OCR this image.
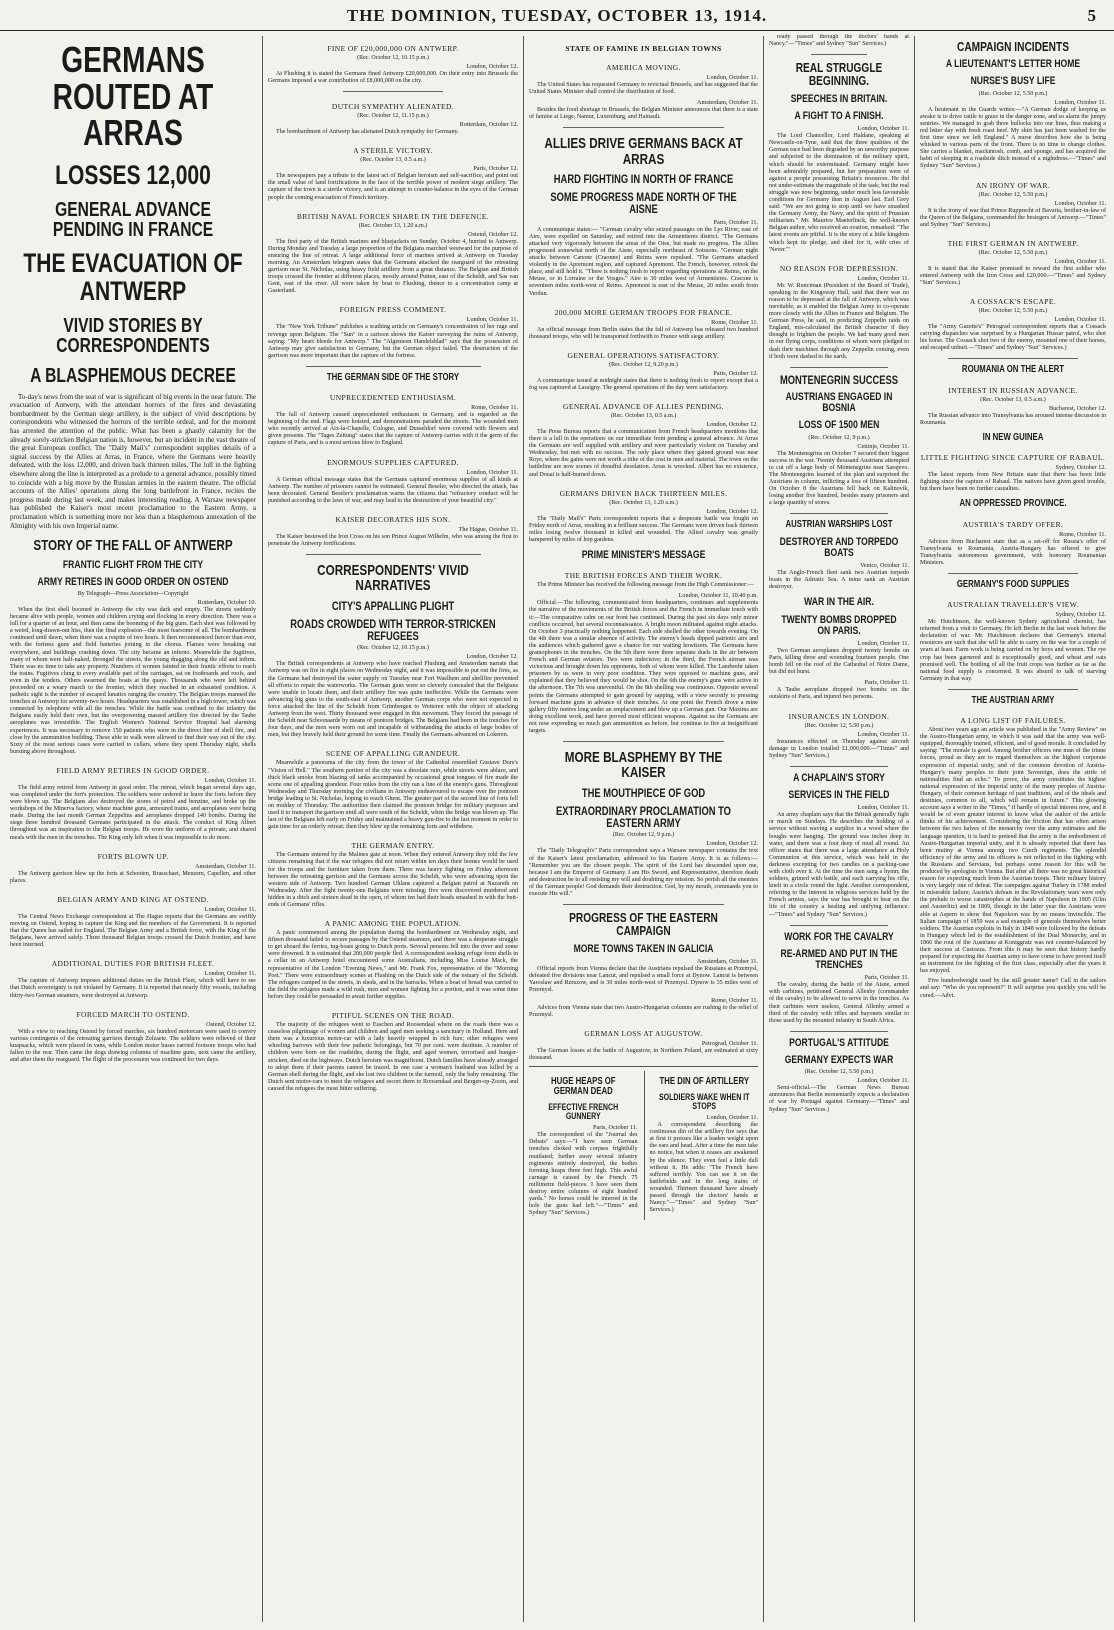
THE DOMINION, TUESDAY, OCTOBER 13, 1914.	5
GERMANS ROUTED AT ARRAS
LOSSES 12,000
GENERAL ADVANCE PENDING IN FRANCE
THE EVACUATION OF ANTWERP
VIVID STORIES BY CORRESPONDENTS
A BLASPHEMOUS DECREE

To-day's news from the seat of war is significant of big events in the near future. The evacuation of Antwerp, with the attendant horrors of the fires and devastating bombardment by the German siege artillery, is the subject of vivid descriptions by correspondents who witnessed the horrors of the terrible ordeal, and for the moment has arrested the attention of the public. What has been a ghastly calamity for the already sorely-stricken Belgian nation is, however, but an incident in the vast theatre of the great European conflict. The "Daily Mail's" correspondent supplies details of a signal success by the Allies at Arras, in France, where the Germans were heavily defeated, with the loss 12,000, and driven back thirteen miles. The lull in the fighting elsewhere along the line is interpreted as a prelude to a general advance, possibly timed to coincide with a big move by the Russian armies in the eastern theatre. The official accounts of the Allies' operations along the long battlefront in France, recites the progress made during last week, and makes interesting reading. A Warsaw newspaper has published the Kaiser's most recent proclamation to the Eastern Army, a proclamation which is something more nor less than a blasphemous annexation of the Almighty with his own Imperial name.

STORY OF THE FALL OF ANTWERP
FRANTIC FLIGHT FROM THE CITY
ARMY RETIRES IN GOOD ORDER ON OSTEND
By Telegraph—Press Association—Copyright
Rotterdam, October 10.

When the first shell boomed in Antwerp the city was dark and empty. The streets suddenly became alive with people, women and children crying and flocking in every direction. There was a lull for a quarter of an hour, and then came the booming of the big guns. Each shot was followed by a weird, long-drawn-out hiss, then the final explosion—the most fearsome of all. The bombardment continued until dawn, when there was a respite of two hours. It then recommenced fiercer than ever, with the fortress guns and field batteries joining in the chorus. Flames were breaking out everywhere, and buildings crashing down. The city became an inferno. Meanwhile the fugitives, many of whom were half-naked, thronged the streets, the young dragging along the old and infirm. There was no time to take any property. Numbers of women fainted in their frantic efforts to reach the trains. Fugitives clung to every available part of the carriages, sat on footboards and roofs, and even in the tenders. Others swarmed the boats at the quays. Thousands who were left behind proceeded on a weary march to the frontier, which they reached in an exhausted condition. A pathetic sight is the number of escaped lunatics ranging the country. The Belgian troops manned the trenches at Antwerp for seventy-two hours. Headquarters was established in a high tower, which was connected by telephone with all the trenches. While the battle was confined to the infantry the Belgians easily held their own, but the overpowering massed artillery fire directed by the Taube aeroplanes was irresistible. The English Women's National Service Hospital had alarming experiences. It was necessary to remove 150 patients who were in the direct line of shell fire, and close by the ammunition building. These able to walk were allowed to find their way out of the city. Sixty of the most serious cases were carried to cellars, where they spent Thursday night, shells bursting above throughout.

FIELD ARMY RETIRES IN GOOD ORDER.
London, October 11.

The field army retired from Antwerp in good order. The retreat, which began several days ago, was completed under the fort's protection. The soldiers were ordered to leave the forts before they were blown up. The Belgians also destroyed the stores of petrol and benzine, and broke up the workshops of the Minerva factory, where machine guns, armoured trains, and aeroplanes were being made. During the last month German Zeppelins and aeroplanes dropped 140 bombs. During the siege three hundred thousand Germans participated in the attack. The conduct of King Albert throughout was an inspiration to the Belgian troops. He wore the uniform of a private, and shared meals with the men in the trenches. The King only left when it was impossible to do more.

FORTS BLOWN UP.
Amsterdam, October 11.

The Antwerp garrison blew up the forts at Schooten, Brasschaet, Meuzem, Capellen, and other places.

BELGIAN ARMY AND KING AT OSTEND.
London, October 11.

The Central News Exchange correspondent at The Hague reports that the Germans are swiftly moving on Ostend, hoping to capture the King and the members of the Government. It is reported that the Queen has sailed for England. The Belgian Army and a British force, with the King of the Belgians, have arrived safely. Three thousand Belgian troops crossed the Dutch frontier, and have been interned.

ADDITIONAL DUTIES FOR BRITISH FLEET.
London, October 11.

The capture of Antwerp imposes additional duties on the British Fleet, which will have to see that Dutch sovereignty is not violated by Germany. It is reported that nearly fifty vessels, including thirty-two German steamers, were destroyed at Antwerp.

FORCED MARCH TO OSTEND.
Ostend, October 12.

With a view to reaching Ostend by forced marches, six hundred motorcars were used to convey various contingents of the retreating garrison through Zelzaete. The soldiers were relieved of their knapsacks, which were placed in vans, while London motor buses carried footsore troops who had fallen to the rear. Then came the dogs drawing columns of machine guns, next came the artillery, and after them the rearguard. The flight of the procession was continued for two days.

FINE OF £20,000,000 ON ANTWERP.
(Rec. October 12, 10.15 p.m.)
London, October 12.

At Flushing it is stated the Germans fined Antwerp £20,000,000. On their entry into Brussels the Germans imposed a war contribution of £8,000,000 on the city.

DUTCH SYMPATHY ALIENATED.
(Rec. October 12, 11.15 p.m.)
Rotterdam, October 12.

The bombardment of Antwerp has alienated Dutch sympathy for Germany.

A STERILE VICTORY.
(Rec. October 13, 0.5 a.m.)
Paris, October 12.

The newspapers pay a tribute to the latest act of Belgian heroism and self-sacrifice, and point out the small value of land fortifications in the face of the terrible power of modern siege artillery. The capture of the town is a sterile victory, and is an attempt to counter-balance in the eyes of the German people the coming evacuation of French territory.

BRITISH NAVAL FORCES SHARE IN THE DEFENCE.
(Rec. October 13, 1.20 a.m.)
Ostend, October 12.

The first party of the British marines and bluejackets on Sunday, October 4, hurried to Antwerp. During Monday and Tuesday a large proportion of the Belgians marched westward for the purpose of ensuring the line of retreat. A large additional force of marines arrived at Antwerp on Tuesday morning. An Amsterdam telegram states that the Germans attacked the rearguard of the retreating garrison near St. Nicholas, using heavy field artillery from a great distance. The Belgian and British troops crossed the frontier at different places, mostly around Putten, east of the Scheldt, and Sas van Gent, east of the river. All were taken by boat to Flushing, thence to a concentration camp at Gasterland.

FOREIGN PRESS COMMENT.
London, October 11.

The "New York Tribune" publishes a scathing article on Germany's concentration of her rage and revenge upon Belgium. The "Sun" in a cartoon shows the Kaiser surveying the ruins of Antwerp, saying: "My heart bleeds for Antwerp." The "Algemeen Handelsblad" says that the possession of Antwerp may give satisfaction to Germany, but the German object failed. The destruction of the garrison was more important than the capture of the fortress.

THE GERMAN SIDE OF THE STORY
UNPRECEDENTED ENTHUSIASM.
Rome, October 11.

The fall of Antwerp caused unprecedented enthusiasm in Germany, and is regarded as the beginning of the end. Flags were hoisted, and demonstrations paraded the streets. The wounded men who recently arrived at Aix-la-Chapelle, Cologne, and Dusseldorf were covered with flowers and given presents. The "Tages Zeitung" states that the capture of Antwerp carries with it the germ of the capture of Paris, and is a most serious blow to England.

ENORMOUS SUPPLIES CAPTURED.
London, October 11.

A German official message states that the Germans captured enormous supplies of all kinds at Antwerp. The number of prisoners cannot be estimated. General Beseler, who directed the attack, has been decorated. General Beseler's proclamation warns the citizens that "refractory conduct will be punished according to the laws of war, and may lead to the destruction of your beautiful city."

KAISER DECORATES HIS SON.
The Hague, October 11.

The Kaiser bestowed the Iron Cross on his son Prince August Wilhelm, who was among the first to penetrate the Antwerp fortifications.

CORRESPONDENTS' VIVID NARRATIVES
CITY'S APPALLING PLIGHT
ROADS CROWDED WITH TERROR-STRICKEN REFUGEES
(Rec. October 12, 10.15 p.m.)
London, October 12.

The British correspondents at Antwerp who have reached Flushing and Amsterdam narrate that Antwerp was on fire in eight places on Wednesday night, and it was impossible to put out the fires, as the Germans had destroyed the water supply on Tuesday near Fort Waelhem and shellfire prevented all efforts to repair the waterworks. The German guns were so cleverly concealed that the Belgians were unable to locate them, and their artillery fire was quite ineffective. While the Germans were advancing big guns to the south-east of Antwerp, another German corps who were not expected in force attacked the line of the Scheldt from Grimbergen to Wetteren with the object of attacking Antwerp from the west. Thirty thousand were engaged in this movement. They forced the passage of the Scheldt near Schoonaarde by means of pontoon bridges. The Belgians had been in the trenches for four days, and the men were worn out and incapable of withstanding the attacks of large bodies of men, but they bravely held their ground for some time. Finally the Germans advanced on Lokeren.

SCENE OF APPALLING GRANDEUR.

Meanwhile a panorama of the city from the tower of the Cathedral resembled Gustave Dore's "Vision of Hell." The southern portion of the city was a desolate ruin, while streets were ablaze, and thick black smoke from blazing oil tanks accompanied by occasional great tongues of fire made the scene one of appalling grandeur. Four miles from the city ran a line of the enemy's guns. Throughout Wednesday and Thursday morning the civilians in Antwerp endeavoured to escape over the pontoon bridge leading to St. Nicholas, hoping to reach Ghent. The greater part of the second line of forts fell on midday of Thursday. The authorities then claimed the pontoon bridge for military purposes and used it to transport the garrison until all were south of the Scheldt, when the bridge was blown up. The last of the Belgians left early on Friday and maintained a heavy gun-fire to the last moment in order to gain time for an orderly retreat; then they blew up the remaining forts and withdrew.

THE GERMAN ENTRY.

The Germans entered by the Malines gate at noon. When they entered Antwerp they told the few citizens remaining that if the war refugees did not return within ten days their homes would be used for the troops and the furniture taken from them. There was heavy fighting on Friday afternoon between the retreating garrison and the Germans across the Scheldt, who were advancing upon the western side of Antwerp. Two hundred German Uhlans captured a Belgian patrol at Nazareth on Wednesday. After the fight twenty-one Belgians were missing; five were discovered murdered and hidden in a ditch and sixteen dead in the open, of whom ten had their heads smashed in with the butt-ends of Germans' rifles.

A PANIC AMONG THE POPULATION.

A panic commenced among the population during the bombardment on Wednesday night, and fifteen thousand failed to secure passages by the Ostend steamers, and there was a desperate struggle to get aboard the ferries, tug-boats going to Dutch ports. Several persons fell into the river and some were drowned. It is estimated that 200,000 people fled. A correspondent seeking refuge from shells in a cellar in an Antwerp hotel encountered some Australians, including Miss Louise Mack, the representative of the London "Evening News," and Mr. Frank Fox, representative of the "Morning Post." There were extraordinary scenes at Flushing on the Dutch side of the estuary of the Scheldt. The refugees camped in the streets, in sheds, and in the barracks. When a boat of bread was carried to the field the refugees made a wild rush, men and women fighting for a portion, and it was some time before they could be persuaded to await further supplies.

PITIFUL SCENES ON THE ROAD.

The majority of the refugees went to Esschen and Roosendaal where on the roads there was a ceaseless pilgrimage of women and children and aged men seeking a sanctuary in Holland. Here and there was a luxurious motor-car with a lady heavily wrapped in rich furs; other refugees were wheeling barrows with their few pathetic belongings, but 70 per cent. were destitute. A number of children were born on the roadsides, during the flight, and aged women, terrorised and hunger-stricken, died on the highways. Dutch heroism was magnificent. Dutch families have already arranged to adopt them if their parents cannot be traced. In one case a woman's husband was killed by a German shell during the flight, and she lost two children in the turmoil, only the baby remaining. The Dutch sent motor-cars to meet the refugees and escort them to Roosendaal and Bergen-op-Zoom, and caused the refugees the most bitter suffering.

STATE OF FAMINE IN BELGIAN TOWNS
AMERICA MOVING.
London, October 11.

The United States has requested Germany to revictual Brussels, and has suggested that the United States Minister shall control the distribution of food.

Amsterdam, October 11.

Besides the food shortage in Brussels, the Belgian Minister announces that there is a state of famine at Liege, Namur, Luxemburg, and Hainault.

ALLIES DRIVE GERMANS BACK AT ARRAS
HARD FIGHTING IN NORTH OF FRANCE
SOME PROGRESS MADE NORTH OF THE AISNE
Paris, October 11.

A communique states:— "German cavalry who seized passages on the Lys River, east of Aire, were expelled on Saturday, and retired into the Armentieres district. "The Germans attacked very vigorously between the areas of the Oise, but made no progress. The Allies progressed somewhat north of the Aisne, especially northeast of Soissons. "German night attacks between Canone (Craonne) and Reims were repulsed. "The Germans attacked violently in the Apremont region, and captured Apremont. The French, however, retook the place, and still hold it. "There is nothing fresh to report regarding operations at Reims, on the Meuse, or in Lorraine or the Vosges." Aire is 30 miles west of Armentieres. Cracone is seventeen miles north-west of Reims. Apremont is east of the Meuse, 20 miles south from Verdun.

200,000 MORE GERMAN TROOPS FOR FRANCE.
Rome, October 11.

An official message from Berlin states that the fall of Antwerp has released two hundred thousand troops, who will be transported forthwith to France with siege artillery.

GENERAL OPERATIONS SATISFACTORY.
(Rec. October 12, 9.20 p.m.)
Paris, October 12.

A communique issued at midnight states that there is nothing fresh to report except that a fog was captured at Lassigny. The general operations of the day were satisfactory.

GENERAL ADVANCE OF ALLIES PENDING.
(Rec. October 13, 0.5 a.m.)
London, October 12.

The Press Bureau reports that a communication from French headquarters mentions that there is a lull in the operations on our immediate front pending a general advance. At Arras the Germans are well supplied with artillery and were particularly violent on Tuesday and Wednesday, but met with no success. The only place where they gained ground was near Roye, where the gains were not worth a tithe of the cost in men and material. The town on the battleline are now scenes of dreadful desolation. Arras is wrecked. Albert has no existence, and Douai is half-burned down.

GERMANS DRIVEN BACK THIRTEEN MILES.
(Rec. October 13, 1.20 a.m.)
London, October 12.

The "Daily Mail's" Paris correspondent reports that a desperate battle was fought on Friday north of Arras, resulting in a brilliant success. The Germans were driven back thirteen miles losing twelve thousand in killed and wounded. The Allied cavalry was greatly hampered by miles of hop gardens.

PRIME MINISTER'S MESSAGE
THE BRITISH FORCES AND THEIR WORK.

The Prime Minister has received the following message from the High Commissioner:—

London, October 11, 10.40 p.m.

Official.—The following, communicated from headquarters, continues and supplements the narrative of the movements of the British forces and the French in immediate touch with it:—The comparative calm on our front has continued. During the past six days only minor conflicts occurred, but several reconnaissance. A bright moon militated against night attacks. On October 3 practically nothing happened. Each side shelled the other towards evening. On the 4th there was a similar absence of activity. The enemy's heads dipped patriotic airs and the audiences which gathered gave a chance for our waiting howitzers. The Germans have gramophones in the trenches. On the 5th there were three separate duels in the air between French and German aviators. Two were indecisive; in the third, the French airman was victorious and brought down his opponents, both of whom were killed. The Landwehr taken prisoners by us were in very poor condition. They were opposed to machine guns, and explained that they believed they would be shot. On the 6th the enemy's guns were active in the afternoon. The 7th was uneventful. On the 8th shelling was continuous. Opposite several points the Germans attempted to gain ground by sapping, with a view secretly to pressing forward machine guns in advance of their trenches. At one point the French drove a mine gallery fifty metres long under an emplacement and blew up a German gun. Our Maxims are doing excellent work, and have proved most efficient weapons. Against us the Germans are not now expending so much gun ammunition as before, but continue to fire at insignificant targets.

MORE BLASPHEMY BY THE KAISER
THE MOUTHPIECE OF GOD
EXTRAORDINARY PROCLAMATION TO EASTERN ARMY
(Rec. October 12, 9 p.m.)
London, October 12.

The "Daily Telegraph's" Paris correspondent says a Warsaw newspaper contains the text of the Kaiser's latest proclamation, addressed to his Eastern Army. It is as follows:— "Remember you are the chosen people. The spirit of the Lord has descended upon me, because I am the Emperor of Germany. I am His Sword, and Representative, therefore death and destruction be to all resisting my will and doubting my mission. So perish all the enemies of the German people! God demands their destruction. God, by my mouth, commands you to execute His will."

PROGRESS OF THE EASTERN CAMPAIGN
MORE TOWNS TAKEN IN GALICIA
Amsterdam, October 11.

Official reports from Vienna declare that the Austrians repulsed the Russians at Przemysl, defeated five divisions near Lancut, and repulsed a small force at Dynow. Lancut is between Yaroslaw and Rzeszow, and is 30 miles north-west of Przemysl. Dynow is 35 miles west of Przemysl.

Rome, October 11.

Advices from Vienna state that two Austro-Hungarian columns are rushing to the relief of Przemysl.

GERMAN LOSS AT AUGUSTOW.
Petrograd, October 11.

The German losses at the battle of Augustow, in Northern Poland, are estimated at sixty thousand.

HUGE HEAPS OF GERMAN DEAD
EFFECTIVE FRENCH GUNNERY
Paris, October 11.

The correspondent of the "Journal des Debats" says:—"I have seen German trenches choked with corpses frightfully mutilated; further away several infantry regiments entirely destroyed, the bodies forming heaps three feet high. This awful carnage is caused by the French 75 millimetre field-pieces. I have seen them destroy entire columns of eight hundred yards." No horses could be interred in the hole the guns had left."—"Times" and Sydney "Sun" Services.)

THE DIN OF ARTILLERY
SOLDIERS WAKE WHEN IT STOPS
London, October 11.

A correspondent describing the continuous din of the artillery fire says that at first it presses like a leaden weight upon the ears and head. After a time the men take no notice, but when it ceases are awakened by the silence. They even feel a little dull without it. He adds: "The French have suffered terribly. You can see it on the battlefields and in the long trains of wounded. Thirteen thousand have already passed through the doctors' hands at Nancy."—"Times" and Sydney "Sun" Services.)

ready passed through the doctors' hands at Nancy."—"Times" and Sydney "Sun" Services.)

REAL STRUGGLE BEGINNING.
SPEECHES IN BRITAIN.
A FIGHT TO A FINISH.
London, October 11.

The Lord Chancellor, Lord Haldane, speaking at Newcastle-on-Tyne, said that the three qualities of the German race had been degraded by an unworthy purpose and subjected to the domination of the military spirit, which should be exterminated. Germany might have been admirably prepared, but her preparation were of against a people possessing Britain's resources. He did not under-estimate the magnitude of the task; but the real struggle was now beginning, under much less favourable conditions for Germany than in August last. Earl Grey said: "We are not going to stop until we have smashed the Germany Army, the Navy, and the spirit of Prussian militarism." Mr. Maurice Maeterlinck, the well-known Belgian author, who received an ovation, remarked: "The latest events are pitiful. It is the story of a little kingdom which kept its pledge, and died for it, with cries of 'Never.'"

NO REASON FOR DEPRESSION.
London, October 11.

Mr. W. Runciman (President of the Board of Trade), speaking in the Kingsway Hall, said that there was no reason to be depressed at the fall of Antwerp, which was inevitable, as it enabled the Belgian Army to co-operate more closely with the Allies in France and Belgium. The German Press, he said, in predicting Zeppelin raids on England, mis-calculated the British character if they thought to frighten the people. We had many good men in our flying corps, conditions of whom were pledged to dash their machines through any Zeppelin coming, even if both were dashed to the earth.

MONTENEGRIN SUCCESS
AUSTRIANS ENGAGED IN BOSNIA
LOSS OF 1500 MEN
(Rec. October 12, 9 p.m.)
Cettinje, October 11.

The Montenegrins on October 7 secured their biggest success in the war. Twenty thousand Austrians attempted to cut off a large body of Montenegrins near Sarajevo. The Montenegrins learned of the plan and surprised the Austrians in column, inflicting a loss of fifteen hundred. On October 8 the Austrians fell back on Kalinovik, losing another five hundred, besides many prisoners and a large quantity of stores.

AUSTRIAN WARSHIPS LOST
DESTROYER AND TORPEDO BOATS
Venice, October 11.

The Anglo-French fleet sank two Austrian torpedo boats in the Adriatic Sea. A mine sank an Austrian destroyer.

WAR IN THE AIR.
TWENTY BOMBS DROPPED ON PARIS.
London, October 11.

Two German aeroplanes dropped twenty bombs on Paris, killing three and wounding fourteen people. One bomb fell on the roof of the Cathedral of Notre Dame, but did not burst.

Paris, October 11.

A Taube aeroplane dropped two bombs on the outskirts of Paris, and injured two persons.

INSURANCES IN LONDON.
(Rec. October 12, 5.50 p.m.)
London, October 11.

Insurances effected on Thursday against aircraft damage in London totalled £1,000,000.—"Times" and Sydney "Sun" Services.)

A CHAPLAIN'S STORY
SERVICES IN THE FIELD
London, October 11.

An army chaplain says that the British generally fight or march on Sundays. He describes the holding of a service without waving a surplice in a wood where the boughs were hanging. The ground was inches deep in water, and there was a foot deep of mud all round. An officer states that there was a large attendance at Holy Communion at this service, which was held in the darkness excepting for two candles on a packing-case with cloth over it. At the time the men sang a hymn; the soldiers, grimed with battle, and each carrying his rifle, knelt in a circle round the light. Another correspondent, referring to the interest in religious services held by the French armies, says the war has brought to bear on the life of the country a healing and unifying influence.—"Times" and Sydney "Sun" Services.)

WORK FOR THE CAVALRY
RE-ARMED AND PUT IN THE TRENCHES
Paris, October 11.

The cavalry, during the battle of the Aisne, armed with carbines, petitioned General Allenby (commander of the cavalry) to be allowed to serve in the trenches. As their carbines were useless, General Allenby armed a third of the cavalry with rifles and bayonets similar to those used by the mounted infantry in South Africa.

PORTUGAL'S ATTITUDE
GERMANY EXPECTS WAR
(Rec. October 12, 5.50 p.m.)
London, October 11.

Semi-official.—The German News Bureau announces that Berlin momentarily expects a declaration of war by Portugal against Germany.—"Times" and Sydney "Sun" Services.)

CAMPAIGN INCIDENTS
A LIEUTENANT'S LETTER HOME
NURSE'S BUSY LIFE
(Rec. October 12, 5.50 p.m.)
London, October 11.

A lieutenant in the Guards writes:—"A German dodge of keeping us awake is to drive cattle to graze in the danger zone, and so alarm the jumpy sentries. We managed to grab three bullocks into our lines, thus making a red letter day with fresh roast beef. My shirt has just been washed for the first time since we left England." A nurse describes how she is being whisked to various parts of the front. There is no time to change clothes. She carries a blanket, mackintosh, comb, and sponge, and has acquired the habit of sleeping in a roadside ditch instead of a nightdress.—"Times" and Sydney "Sun" Services.)

AN IRONY OF WAR.
(Rec. October 12, 5.50 p.m.)
London, October 11.

It is the irony of war that Prince Rupprecht of Bavaria, brother-in-law of the Queen of the Belgians, commanded the besiegers of Antwerp.—"Times" and Sydney "Sun" Services.)

THE FIRST GERMAN IN ANTWERP.
(Rec. October 12, 5.50 p.m.)
London, October 11.

It is stated that the Kaiser promised to reward the first soldier who entered Antwerp with the Iron Cross and £20,000.—"Times" and Sydney "Sun" Services.)

A COSSACK'S ESCAPE.
(Rec. October 12, 5.50 p.m.)
London, October 11.

The "Army Gazette's" Petrograd correspondent reports that a Cossack carrying dispatches was surprised by a Hungarian Hussar patrol, who shot his horse. The Cossack shot two of the enemy, mounted one of their horses, and escaped unhurt.—"Times" and Sydney "Sun" Services.)

ROUMANIA ON THE ALERT
INTEREST IN RUSSIAN ADVANCE.
(Rec. October 13, 0.5 a.m.)
Bucharest, October 12.

The Russian advance into Transylvania has aroused intense discussion in Roumania.

IN NEW GUINEA
LITTLE FIGHTING SINCE CAPTURE OF RABAUL.
Sydney, October 12.

The latest reports from New Britain state that there has been little fighting since the capture of Rabaul. The natives have given good trouble, but there have been no further casualties.

AN OPPRESSED PROVINCE.
AUSTRIA'S TARDY OFFER.
Rome, October 11.

Advices from Bucharest state that as a set-off for Russia's offer of Transylvania to Roumania, Austria-Hungary has offered to give Transylvania autonomous government, with honorary Roumanian Ministers.

GERMANY'S FOOD SUPPLIES
AUSTRALIAN TRAVELLER'S VIEW.
Sydney, October 12.

Mr. Hutchinson, the well-known Sydney agricultural chemist, has returned from a visit to Germany. He left Berlin in the last week before the declaration of war. Mr. Hutchinson declares that Germany's internal resources are such that she will be able to carry on the war for a couple of years at least. Farm work is being carried on by boys and women. The rye crop has been garnered and is exceptionally good, and wheat and oats promised well. The bottling of all the fruit crops was further as far as the national food supply is concerned. It was absurd to talk of starving Germany in that way.

THE AUSTRIAN ARMY
A LONG LIST OF FAILURES.

About two years ago an article was published in the "Army Review" on the Austro-Hungarian army, in which it was said that the army was well-equipped, thoroughly trained, efficient, and of good morale. It concluded by saying: "The morale is good. Among brother officers one man of the triune forces, proud as they are to regard themselves as the highest corporate expression of imperial unity, and of the common devotion of Austria-Hungary's many peoples to their joint Sovereign, does the strife of nationalities find an echo." To prove, the army constitutes the highest national expression of the imperial unity of the many peoples of Austria-Hungary, of their common heritage of past traditions, and of the ideals and destinies, common to all, which will remain in future." This glowing account says a writer in the "Times," if hardly of special interest now, and it would be of even greater interest to know what the author of the article thinks of his achievement. Considering the friction that has often arisen between the two halves of the monarchy over the army estimates and the language question, it is hard to pretend that the army is the embodiment of Austro-Hungarian imperial unity, and it is already reported that there has been mutiny at Vienna among two Czech regiments. The splendid efficiency of the army and its officers is not reflected in the fighting with the Russians and Servians, but perhaps some reason for this will be produced by apologists in Vienna. But after all there was no great historical reason for expecting much from the Austrian troops. Their military history is very largely one of defeat. The campaigns against Turkey in 1788 ended in miserable failure; Austria's defeats in the Revolutionary wars were only the prelude to worse catastrophes at the hands of Napoleon in 1805 (Ulm and Austerlitz) and in 1809, though in the latter year the Austrians were able at Aspern to show that Napoleon was by no means invincible. The Italian campaign of 1859 was a sad example of generals themselves better soldiers. The Austrian exploits in Italy in 1848 were followed by the defeats in Hungary which led to the establishment of the Dual Monarchy, and in 1866 the rout of the Austrians at Koniggratz was not counter-balanced by their success at Custozza. From this it may be seen that history hardly prepared for expecting the Austrian army to have come to have proved itself an instrument for the fighting of the first class, especially after the years it has enjoyed.

Five hundredweight used by the still greater name? Call in the sailors and say: "Who do you represent?" It will surprise you quickly you will be cured.—Advt.
